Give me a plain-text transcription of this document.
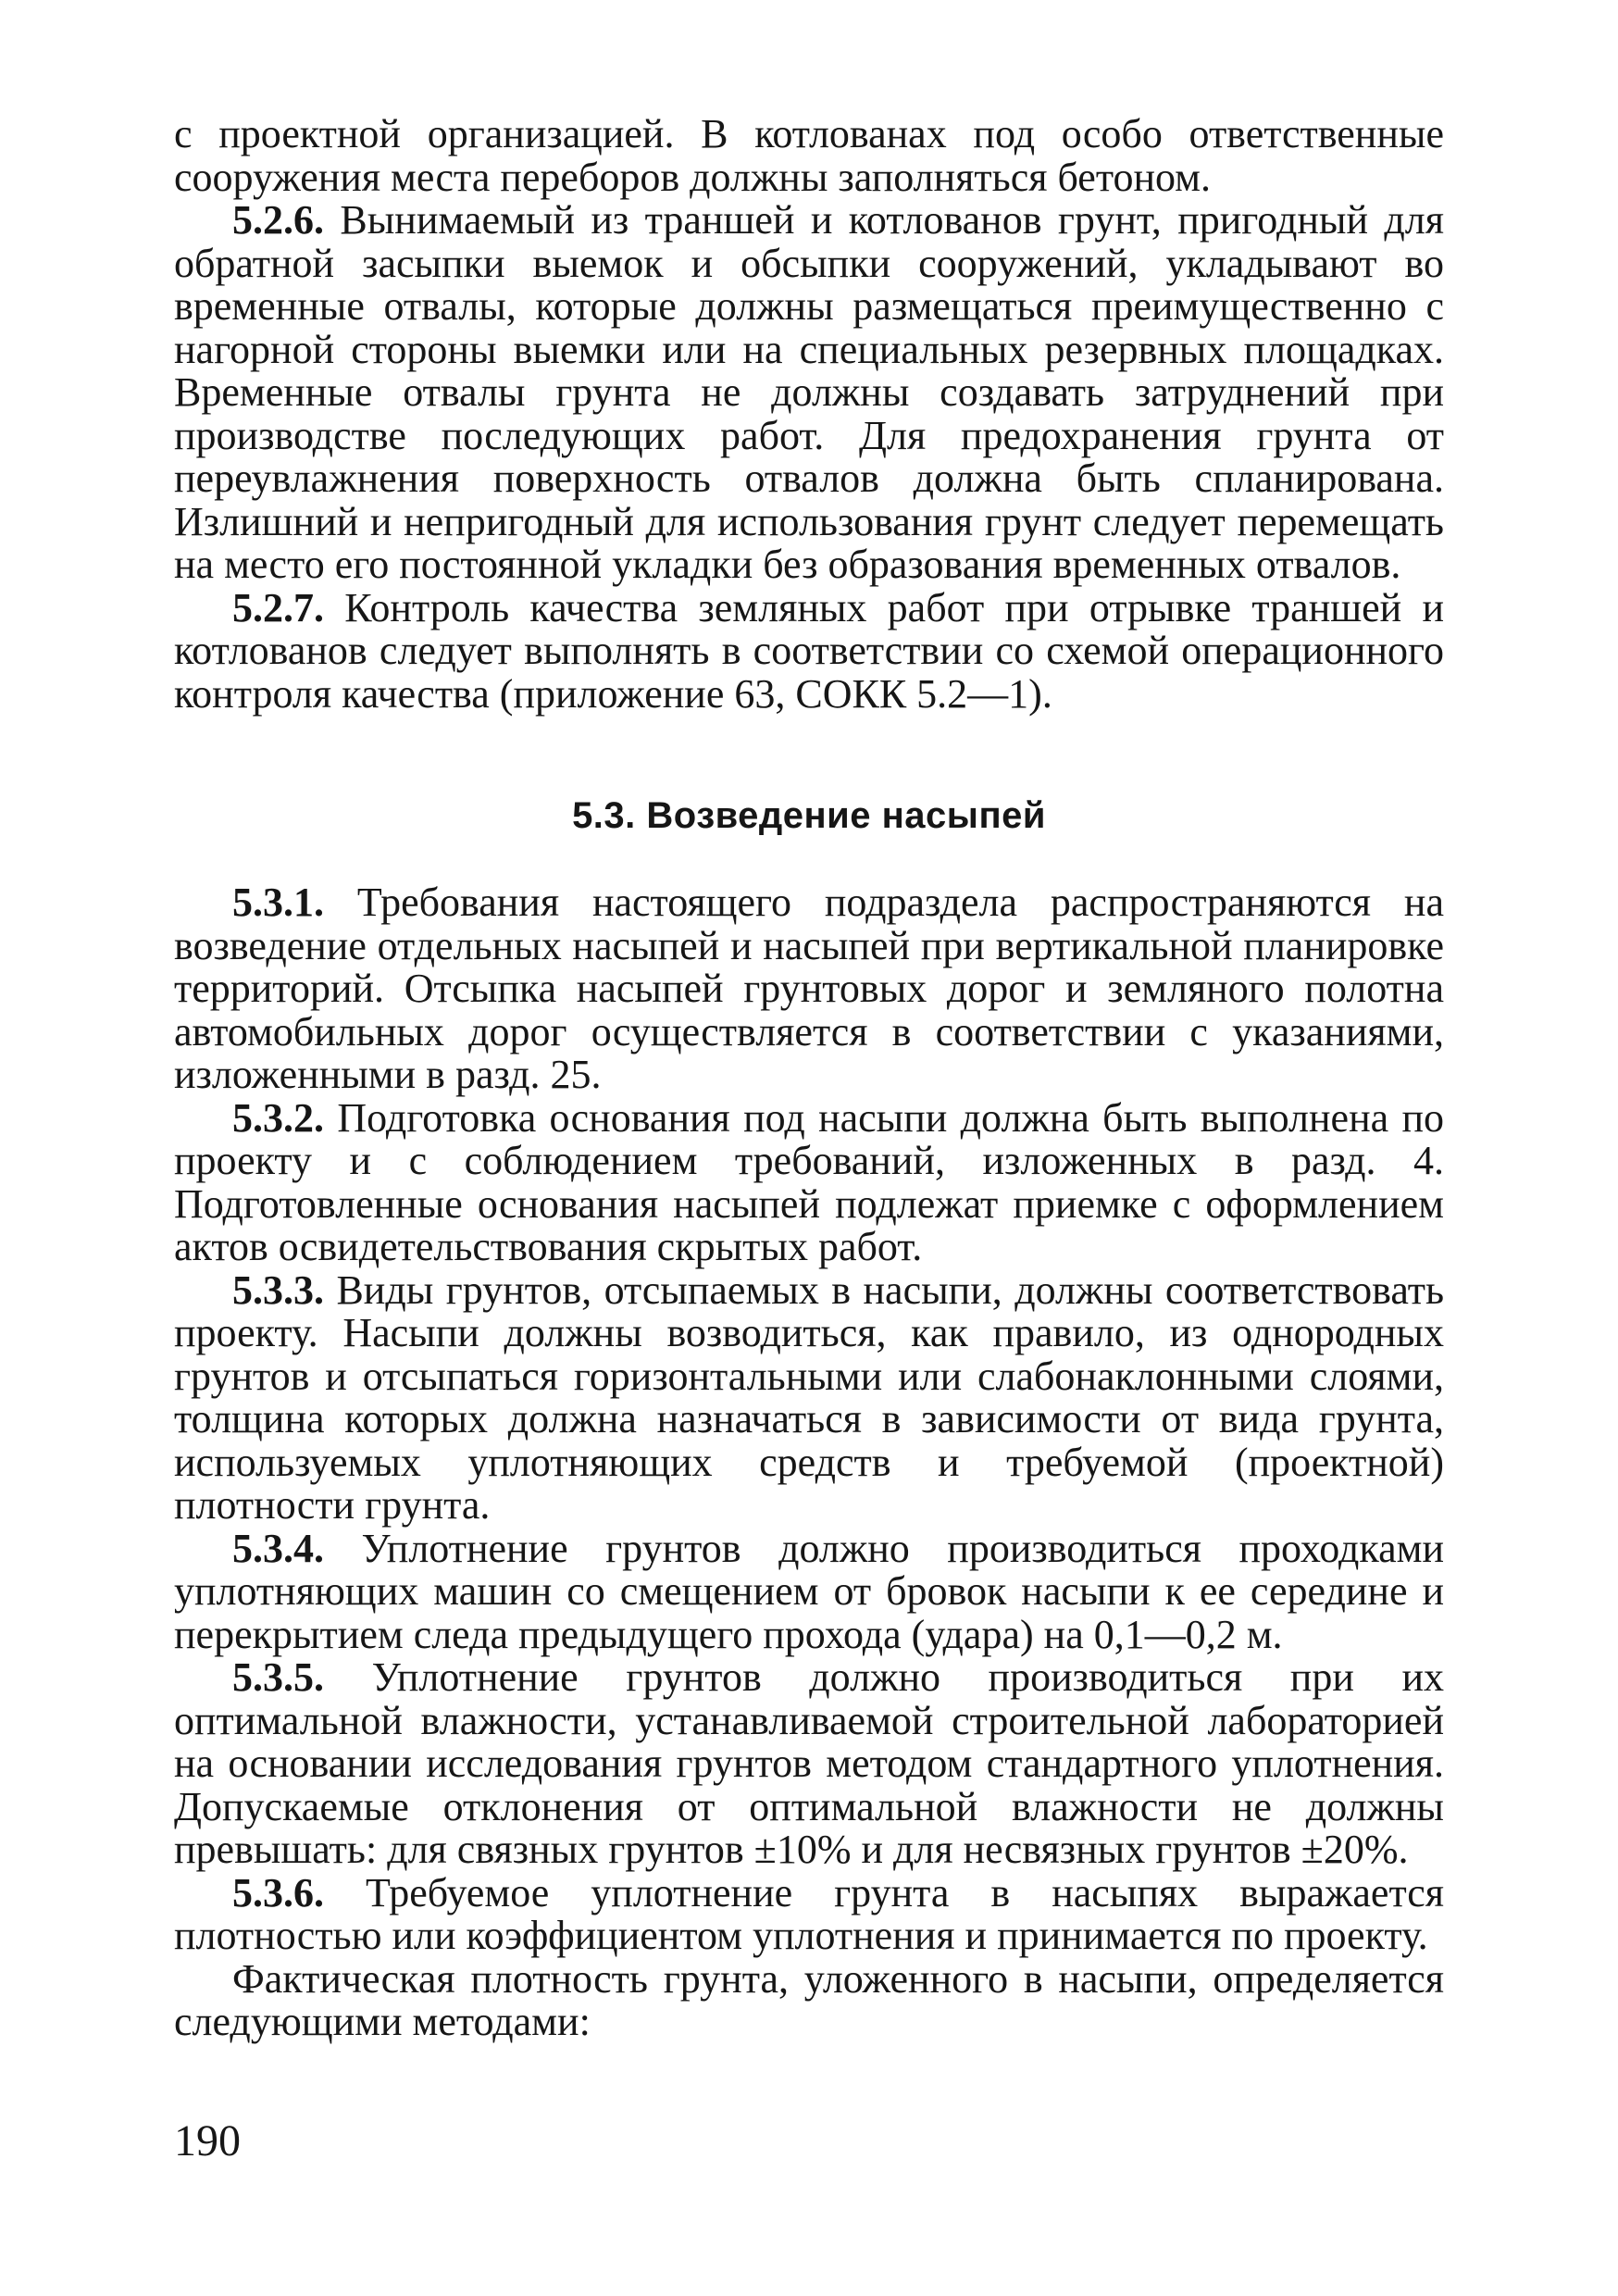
с проектной организацией. В котлованах под особо ответственные сооружения места переборов должны заполняться бетоном.

5.2.6. Вынимаемый из траншей и котлованов грунт, пригодный для обратной засыпки выемок и обсыпки сооружений, укладывают во временные отвалы, которые должны размещаться преимущественно с нагорной стороны выемки или на специальных резервных площадках. Временные отвалы грунта не должны создавать затруднений при производстве последующих работ. Для предохранения грунта от переувлажнения поверхность отвалов должна быть спланирована. Излишний и непригодный для использования грунт следует перемещать на место его постоянной укладки без образования временных отвалов.

5.2.7. Контроль качества земляных работ при отрывке траншей и котлованов следует выполнять в соответствии со схемой операционного контроля качества (приложение 63, СОКК 5.2—1).

5.3. Возведение насыпей

5.3.1. Требования настоящего подраздела распространяются на возведение отдельных насыпей и насыпей при вертикальной планировке территорий. Отсыпка насыпей грунтовых дорог и земляного полотна автомобильных дорог осуществляется в соответствии с указаниями, изложенными в разд. 25.

5.3.2. Подготовка основания под насыпи должна быть выполнена по проекту и с соблюдением требований, изложенных в разд. 4. Подготовленные основания насыпей подлежат приемке с оформлением актов освидетельствования скрытых работ.

5.3.3. Виды грунтов, отсыпаемых в насыпи, должны соответствовать проекту. Насыпи должны возводиться, как правило, из однородных грунтов и отсыпаться горизонтальными или слабонаклонными слоями, толщина которых должна назначаться в зависимости от вида грунта, используемых уплотняющих средств и требуемой (проектной) плотности грунта.

5.3.4. Уплотнение грунтов должно производиться проходками уплотняющих машин со смещением от бровок насыпи к ее середине и перекрытием следа предыдущего прохода (удара) на 0,1—0,2 м.

5.3.5. Уплотнение грунтов должно производиться при их оптимальной влажности, устанавливаемой строительной лабораторией на основании исследования грунтов методом стандартного уплотнения. Допускаемые отклонения от оптимальной влажности не должны превышать: для связных грунтов ±10% и для несвязных грунтов ±20%.

5.3.6. Требуемое уплотнение грунта в насыпях выражается плотностью или коэффициентом уплотнения и принимается по проекту.

Фактическая плотность грунта, уложенного в насыпи, определяется следующими методами:

190
